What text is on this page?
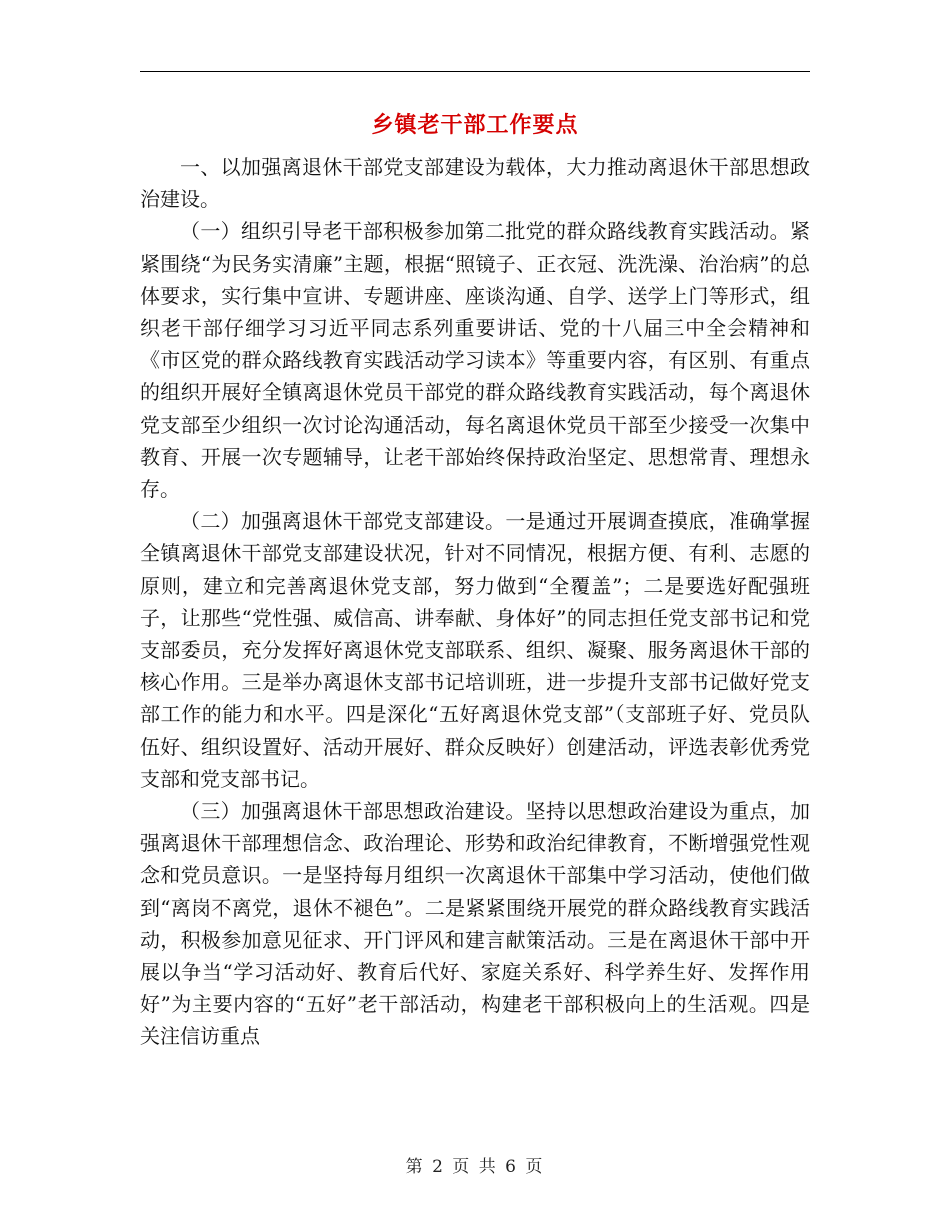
乡镇老干部工作要点

一、以加强离退休干部党支部建设为载体，大力推动离退休干部思想政治建设。

（一）组织引导老干部积极参加第二批党的群众路线教育实践活动。紧紧围绕“为民务实清廉”主题，根据“照镜子、正衣冠、洗洗澡、治治病”的总体要求，实行集中宣讲、专题讲座、座谈沟通、自学、送学上门等形式，组织老干部仔细学习习近平同志系列重要讲话、党的十八届三中全会精神和《市区党的群众路线教育实践活动学习读本》等重要内容，有区别、有重点的组织开展好全镇离退休党员干部党的群众路线教育实践活动，每个离退休党支部至少组织一次讨论沟通活动，每名离退休党员干部至少接受一次集中教育、开展一次专题辅导，让老干部始终保持政治坚定、思想常青、理想永存。

（二）加强离退休干部党支部建设。一是通过开展调查摸底，准确掌握全镇离退休干部党支部建设状况，针对不同情况，根据方便、有利、志愿的原则，建立和完善离退休党支部，努力做到“全覆盖”；二是要选好配强班子，让那些“党性强、威信高、讲奉献、身体好”的同志担任党支部书记和党支部委员，充分发挥好离退休党支部联系、组织、凝聚、服务离退休干部的核心作用。三是举办离退休支部书记培训班，进一步提升支部书记做好党支部工作的能力和水平。四是深化“五好离退休党支部”（支部班子好、党员队伍好、组织设置好、活动开展好、群众反映好）创建活动，评选表彰优秀党支部和党支部书记。

（三）加强离退休干部思想政治建设。坚持以思想政治建设为重点，加强离退休干部理想信念、政治理论、形势和政治纪律教育，不断增强党性观念和党员意识。一是坚持每月组织一次离退休干部集中学习活动，使他们做到“离岗不离党，退休不褪色”。二是紧紧围绕开展党的群众路线教育实践活动，积极参加意见征求、开门评风和建言献策活动。三是在离退休干部中开展以争当“学习活动好、教育后代好、家庭关系好、科学养生好、发挥作用好”为主要内容的“五好”老干部活动，构建老干部积极向上的生活观。四是关注信访重点

第 2 页 共 6 页
